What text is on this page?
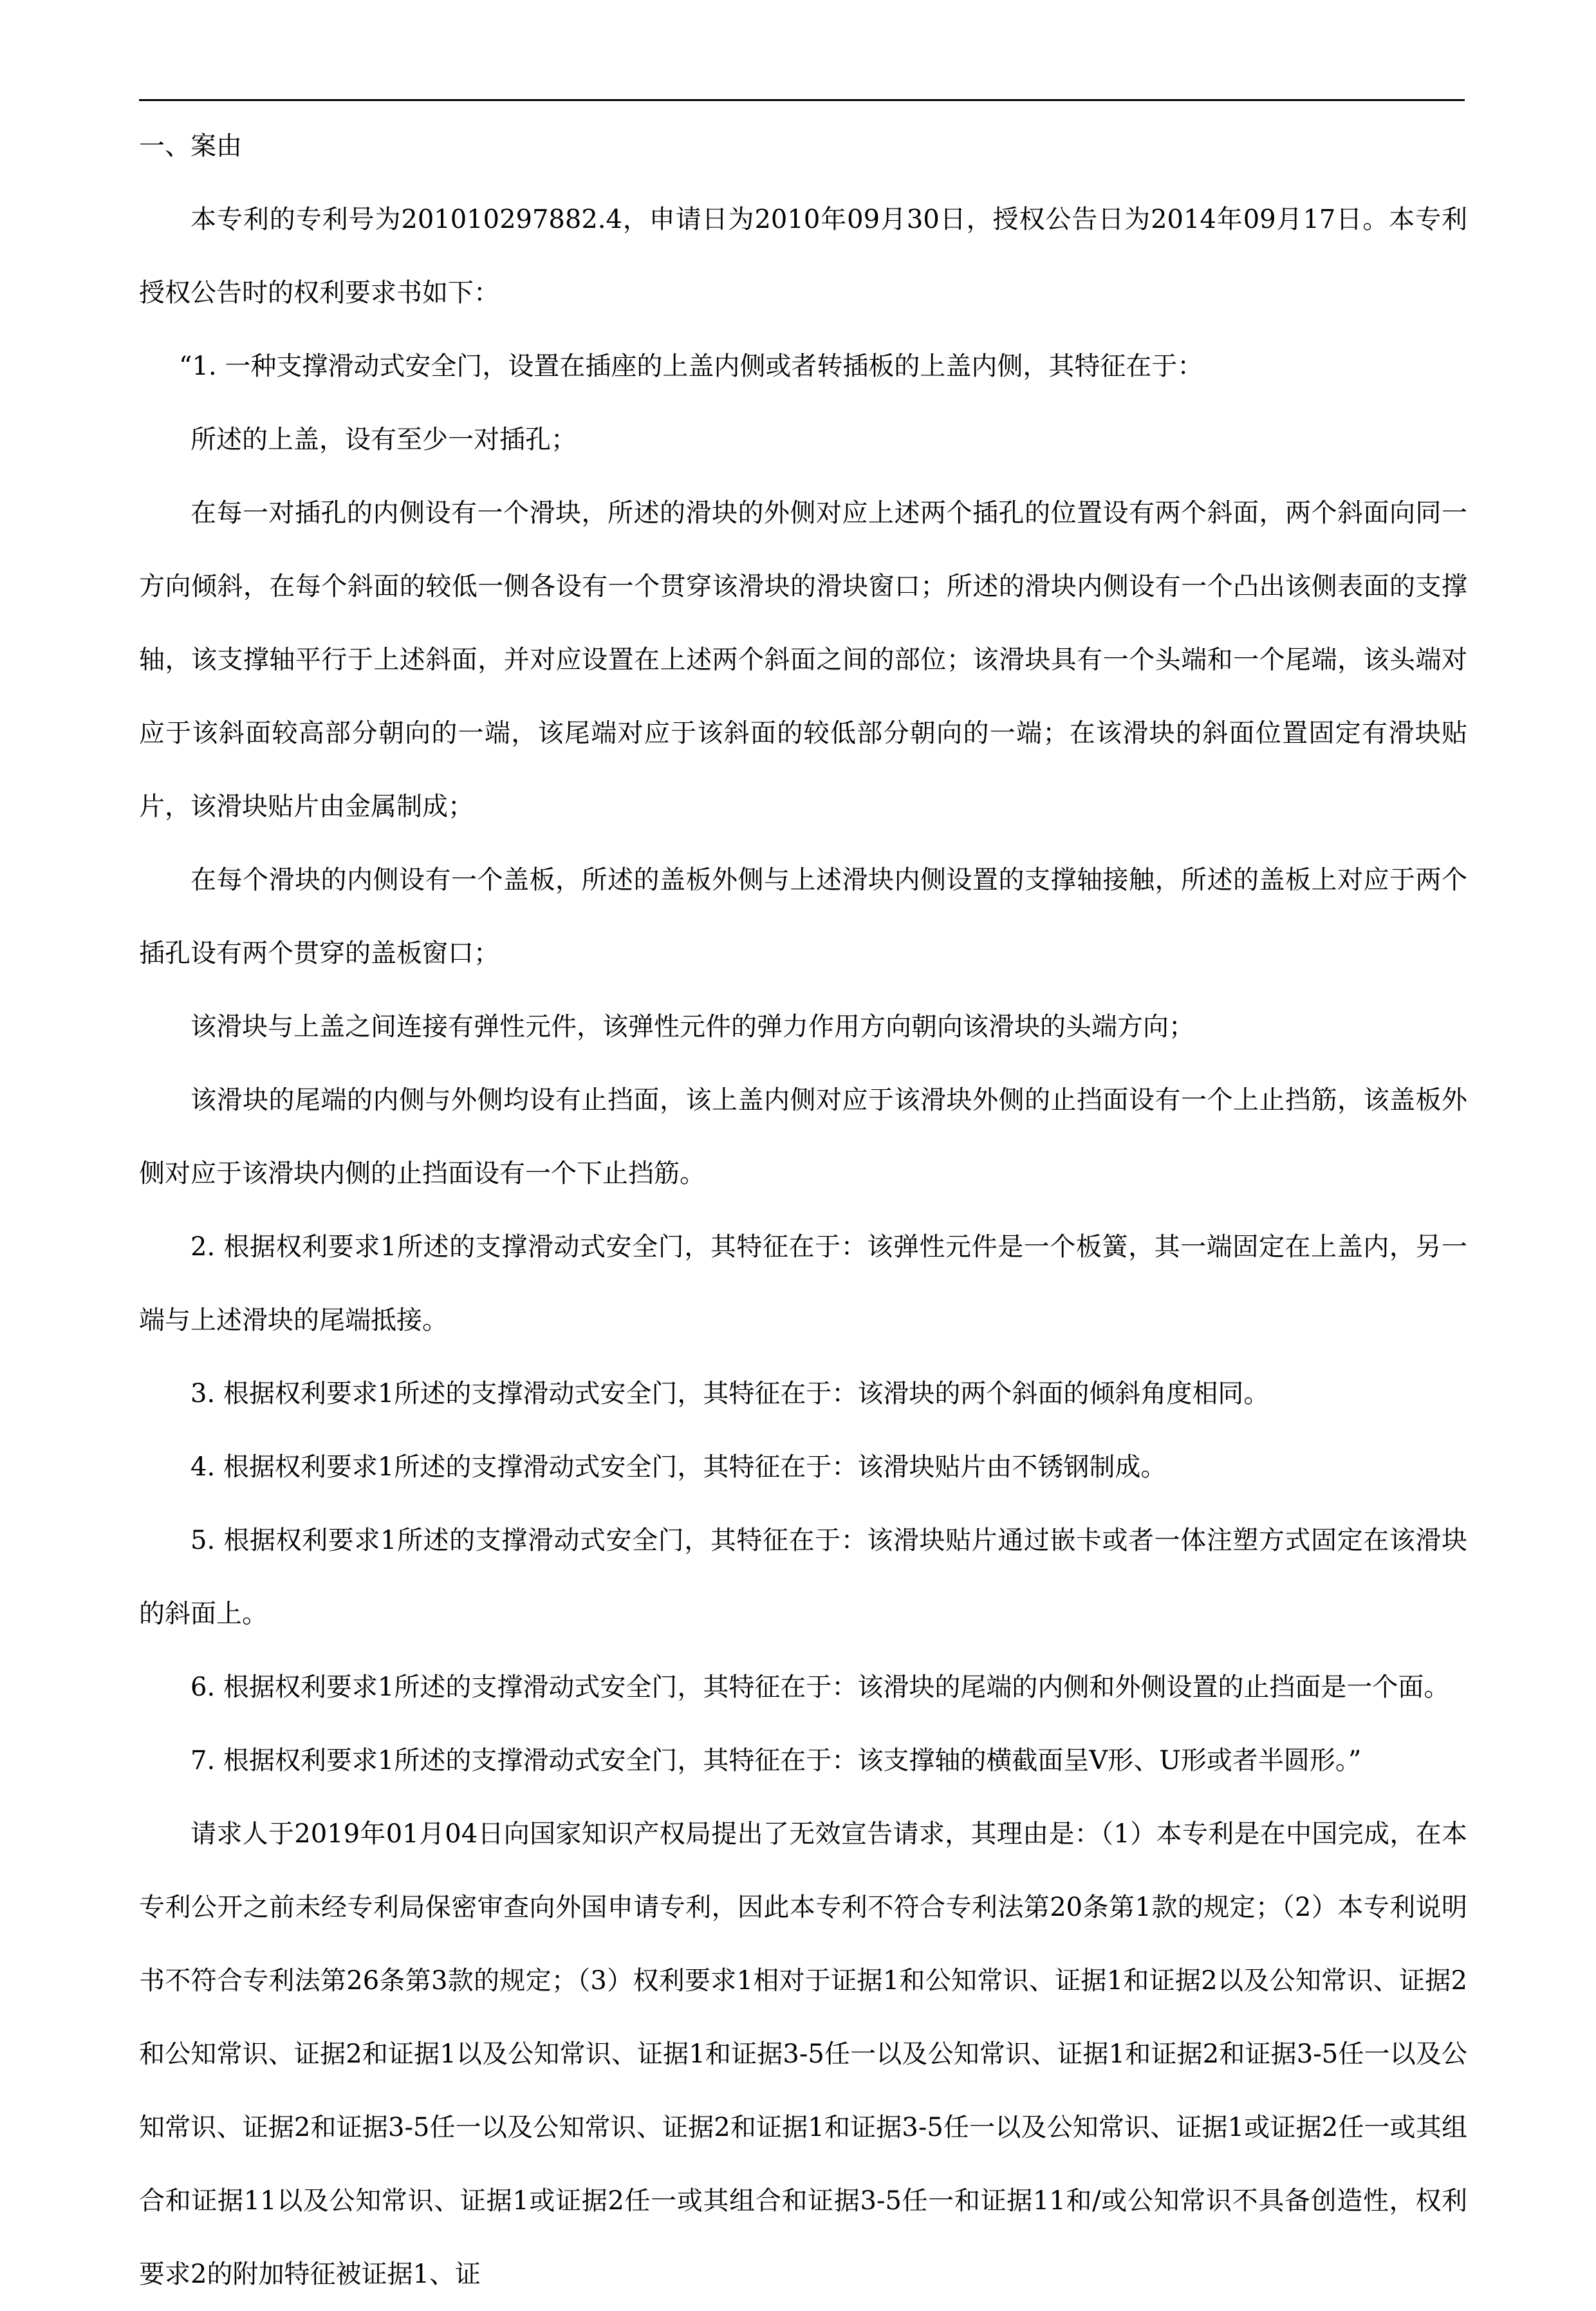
一、案由

本专利的专利号为201010297882.4，申请日为2010年09月30日，授权公告日为2014年09月17日。本专利授权公告时的权利要求书如下：

“1. 一种支撑滑动式安全门，设置在插座的上盖内侧或者转插板的上盖内侧，其特征在于：

所述的上盖，设有至少一对插孔；

在每一对插孔的内侧设有一个滑块，所述的滑块的外侧对应上述两个插孔的位置设有两个斜面，两个斜面向同一方向倾斜，在每个斜面的较低一侧各设有一个贯穿该滑块的滑块窗口；所述的滑块内侧设有一个凸出该侧表面的支撑轴，该支撑轴平行于上述斜面，并对应设置在上述两个斜面之间的部位；该滑块具有一个头端和一个尾端，该头端对应于该斜面较高部分朝向的一端，该尾端对应于该斜面的较低部分朝向的一端；在该滑块的斜面位置固定有滑块贴片，该滑块贴片由金属制成；

在每个滑块的内侧设有一个盖板，所述的盖板外侧与上述滑块内侧设置的支撑轴接触，所述的盖板上对应于两个插孔设有两个贯穿的盖板窗口；

该滑块与上盖之间连接有弹性元件，该弹性元件的弹力作用方向朝向该滑块的头端方向；

该滑块的尾端的内侧与外侧均设有止挡面，该上盖内侧对应于该滑块外侧的止挡面设有一个上止挡筋，该盖板外侧对应于该滑块内侧的止挡面设有一个下止挡筋。

2. 根据权利要求1所述的支撑滑动式安全门，其特征在于：该弹性元件是一个板簧，其一端固定在上盖内，另一端与上述滑块的尾端抵接。

3. 根据权利要求1所述的支撑滑动式安全门，其特征在于：该滑块的两个斜面的倾斜角度相同。

4. 根据权利要求1所述的支撑滑动式安全门，其特征在于：该滑块贴片由不锈钢制成。

5. 根据权利要求1所述的支撑滑动式安全门，其特征在于：该滑块贴片通过嵌卡或者一体注塑方式固定在该滑块的斜面上。

6. 根据权利要求1所述的支撑滑动式安全门，其特征在于：该滑块的尾端的内侧和外侧设置的止挡面是一个面。

7. 根据权利要求1所述的支撑滑动式安全门，其特征在于：该支撑轴的横截面呈V形、U形或者半圆形。”

请求人于2019年01月04日向国家知识产权局提出了无效宣告请求，其理由是：（1）本专利是在中国完成，在本专利公开之前未经专利局保密审查向外国申请专利，因此本专利不符合专利法第20条第1款的规定；（2）本专利说明书不符合专利法第26条第3款的规定；（3）权利要求1相对于证据1和公知常识、证据1和证据2以及公知常识、证据2和公知常识、证据2和证据1以及公知常识、证据1和证据3-5任一以及公知常识、证据1和证据2和证据3-5任一以及公知常识、证据2和证据3-5任一以及公知常识、证据2和证据1和证据3-5任一以及公知常识、证据1或证据2任一或其组合和证据11以及公知常识、证据1或证据2任一或其组合和证据3-5任一和证据11和/或公知常识不具备创造性，权利要求2的附加特征被证据1、证
